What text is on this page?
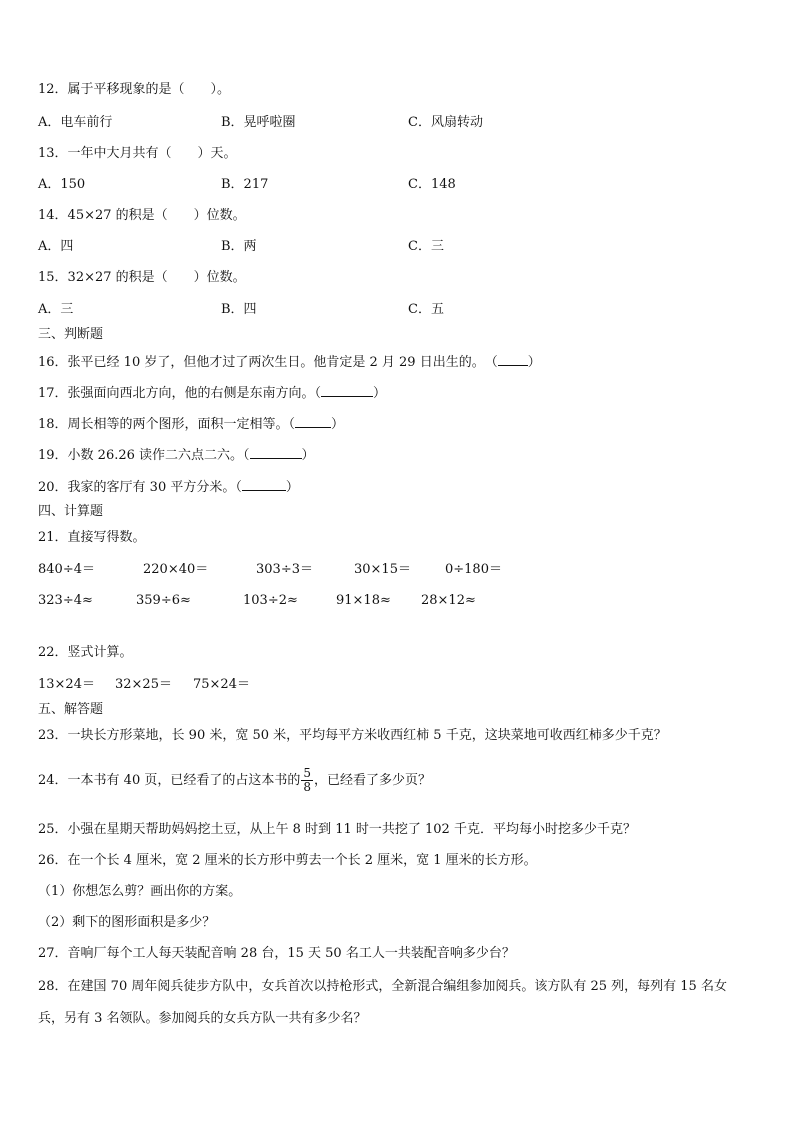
12．属于平移现象的是（　　）。
A．电车前行	B．晃呼啦圈	C．风扇转动
13．一年中大月共有（　　）天。
A．150	B．217	C．148
14．45×27 的积是（　　）位数。
A．四	B．两	C．三
15．32×27 的积是（　　）位数。
A．三	B．四	C．五
三、判断题
16．张平已经 10 岁了，但他才过了两次生日。他肯定是 2 月 29 日出生的。　（ ）
17．张强面向西北方向，他的右侧是东南方向。（	）
18．周长相等的两个图形，面积一定相等。（	）
19．小数 26.26 读作二六点二六。（	）
20．我家的客厅有 30 平方分米。（	）
四、计算题
21．直接写得数。
840÷4＝	220×40＝	303÷3＝	30×15＝	0÷180＝
323÷4≈	359÷6≈	103÷2≈	91×18≈ 28×12≈
22．竖式计算。
13×24＝ 32×25＝ 75×24＝
五、解答题
23．一块长方形菜地，长 90 米，宽 50 米，平均每平方米收西红柿 5 千克，这块菜地可收西红柿多少千克？
24．一本书有 40 页，已经看了的占这本书的 $\frac{5}{8}$ ，已经看了多少页？
25．小强在星期天帮助妈妈挖土豆，从上午 8 时到 11 时一共挖了 102 千克．平均每小时挖多少千克？
26．在一个长 4 厘米，宽 2 厘米的长方形中剪去一个长 2 厘米，宽 1 厘米的长方形。
（1）你想怎么剪？画出你的方案。
（2）剩下的图形面积是多少？
27．音响厂每个工人每天装配音响 28 台，15 天 50 名工人一共装配音响多少台？
28．在建国 70 周年阅兵徒步方队中，女兵首次以持枪形式，全新混合编组参加阅兵。该方队有 25 列，每列有 15 名女
兵，另有 3 名领队。参加阅兵的女兵方队一共有多少名？
